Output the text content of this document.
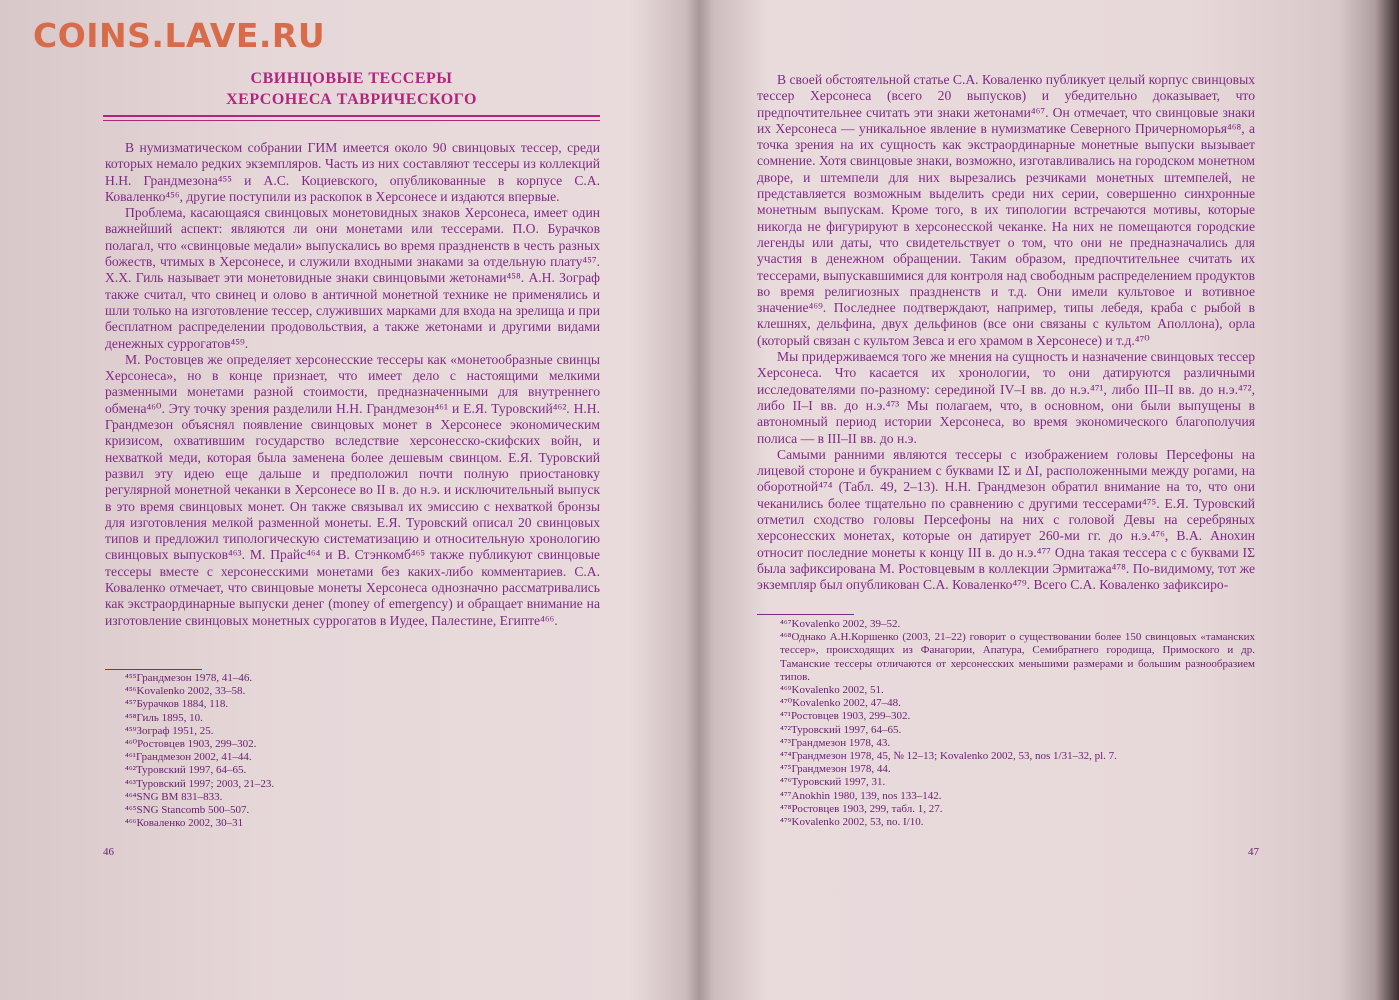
COINS.LAVE.RU
СВИНЦОВЫЕ ТЕССЕРЫ
ХЕРСОНЕСА ТАВРИЧЕСКОГО

В нумизматическом собрании ГИМ имеется около 90 свинцовых тессер, среди которых немало редких экземпляров. Часть из них составляют тессеры из коллекций Н.Н. Грандмезона⁴⁵⁵ и А.С. Коциевского, опубликованные в корпусе С.А. Коваленко⁴⁵⁶, другие поступили из раскопок в Херсонесе и издаются впервые.

Проблема, касающаяся свинцовых монетовидных знаков Херсонеса, имеет один важнейший аспект: являются ли они монетами или тессерами. П.О. Бурачков полагал, что «свинцовые медали» выпускались во время праздненств в честь разных божеств, чтимых в Херсонесе, и служили входными знаками за отдельную плату⁴⁵⁷. Х.Х. Гиль называет эти монетовидные знаки свинцовыми жетонами⁴⁵⁸. А.Н. Зограф также считал, что свинец и олово в античной монетной технике не применялись и шли только на изготовление тессер, служивших марками для входа на зрелища и при бесплатном распределении продовольствия, а также жетонами и другими видами денежных суррогатов⁴⁵⁹.

М. Ростовцев же определяет херсонесские тессеры как «монетообразные свинцы Херсонеса», но в конце признает, что имеет дело с настоящими мелкими разменными монетами разной стоимости, предназначенными для внутреннего обмена⁴⁶⁰. Эту точку зрения разделили Н.Н. Грандмезон⁴⁶¹ и Е.Я. Туровский⁴⁶². Н.Н. Грандмезон объяснял появление свинцовых монет в Херсонесе экономическим кризисом, охватившим государство вследствие херсонесско-скифских войн, и нехваткой меди, которая была заменена более дешевым свинцом. Е.Я. Туровский развил эту идею еще дальше и предположил почти полную приостановку регулярной монетной чеканки в Херсонесе во II в. до н.э. и исключительный выпуск в это время свинцовых монет. Он также связывал их эмиссию с нехваткой бронзы для изготовления мелкой разменной монеты. Е.Я. Туровский описал 20 свинцовых типов и предложил типологическую систематизацию и относительную хронологию свинцовых выпусков⁴⁶³. М. Прайс⁴⁶⁴ и В. Стэнкомб⁴⁶⁵ также публикуют свинцовые тессеры вместе с херсонесскими монетами без каких-либо комментариев. С.А. Коваленко отмечает, что свинцовые монеты Херсонеса однозначно рассматривались как экстраординарные выпуски денег (money of emergency) и обращает внимание на изготовление свинцовых монетных суррогатов в Иудее, Палестине, Египте⁴⁶⁶.

⁴⁵⁵Грандмезон 1978, 41–46.
⁴⁵⁶Kovalenko 2002, 33–58.
⁴⁵⁷Бурачков 1884, 118.
⁴⁵⁸Гиль 1895, 10.
⁴⁵⁹Зограф 1951, 25.
⁴⁶⁰Ростовцев 1903, 299–302.
⁴⁶¹Грандмезон 2002, 41–44.
⁴⁶²Туровский 1997, 64–65.
⁴⁶³Туровский 1997; 2003, 21–23.
⁴⁶⁴SNG BM 831–833.
⁴⁶⁵SNG Stancomb 500–507.
⁴⁶⁶Коваленко 2002, 30–31
46

В своей обстоятельной статье С.А. Коваленко публикует целый корпус свинцовых тессер Херсонеса (всего 20 выпусков) и убедительно доказывает, что предпочтительнее считать эти знаки жетонами⁴⁶⁷. Он отмечает, что свинцовые знаки их Херсонеса — уникальное явление в нумизматике Северного Причерноморья⁴⁶⁸, а точка зрения на их сущность как экстраординарные монетные выпуски вызывает сомнение. Хотя свинцовые знаки, возможно, изготавливались на городском монетном дворе, и штемпели для них вырезались резчиками монетных штемпелей, не представляется возможным выделить среди них серии, совершенно синхронные монетным выпускам. Кроме того, в их типологии встречаются мотивы, которые никогда не фигурируют в херсонесской чеканке. На них не помещаются городские легенды или даты, что свидетельствует о том, что они не предназначались для участия в денежном обращении. Таким образом, предпочтительнее считать их тессерами, выпускавшимися для контроля над свободным распределением продуктов во время религиозных праздненств и т.д. Они имели культовое и вотивное значение⁴⁶⁹. Последнее подтверждают, например, типы лебедя, краба с рыбой в клешнях, дельфина, двух дельфинов (все они связаны с культом Аполлона), орла (который связан с культом Зевса и его храмом в Херсонесе) и т.д.⁴⁷⁰

Мы придерживаемся того же мнения на сущность и назначение свинцовых тессер Херсонеса. Что касается их хронологии, то они датируются различными исследователями по-разному: серединой IV–I вв. до н.э.⁴⁷¹, либо III–II вв. до н.э.⁴⁷², либо II–I вв. до н.э.⁴⁷³ Мы полагаем, что, в основном, они были выпущены в автономный период истории Херсонеса, во время экономического благополучия полиса — в III–II вв. до н.э.

Самыми ранними являются тессеры с изображением головы Персефоны на лицевой стороне и букранием с буквами ΙΣ и ΔΙ, расположенными между рогами, на оборотной⁴⁷⁴ (Табл. 49, 2–13). Н.Н. Грандмезон обратил внимание на то, что они чеканились более тщательно по сравнению с другими тессерами⁴⁷⁵. Е.Я. Туровский отметил сходство головы Персефоны на них с головой Девы на серебряных херсонесских монетах, которые он датирует 260-ми гг. до н.э.⁴⁷⁶, В.А. Анохин относит последние монеты к концу III в. до н.э.⁴⁷⁷ Одна такая тессера с с буквами ΙΣ была зафиксирована М. Ростовцевым в коллекции Эрмитажа⁴⁷⁸. По-видимому, тот же экземпляр был опубликован С.А. Коваленко⁴⁷⁹. Всего С.А. Коваленко зафиксиро-

⁴⁶⁷Kovalenko 2002, 39–52.
⁴⁶⁸Однако А.Н.Коршенко (2003, 21–22) говорит о существовании более 150 свинцовых «таманских тессер», происходящих из Фанагории, Апатура, Семибратнего городища, Примоского и др. Таманские тессеры отличаются от херсонесских меньшими размерами и большим разнообразием типов.
⁴⁶⁹Kovalenko 2002, 51.
⁴⁷⁰Kovalenko 2002, 47–48.
⁴⁷¹Ростовцев 1903, 299–302.
⁴⁷²Туровский 1997, 64–65.
⁴⁷³Грандмезон 1978, 43.
⁴⁷⁴Грандмезон 1978, 45, № 12–13; Kovalenko 2002, 53, nos 1/31–32, pl. 7.
⁴⁷⁵Грандмезон 1978, 44.
⁴⁷⁶Туровский 1997, 31.
⁴⁷⁷Anokhin 1980, 139, nos 133–142.
⁴⁷⁸Ростовцев 1903, 299, табл. 1, 27.
⁴⁷⁹Kovalenko 2002, 53, no. I/10.
47
